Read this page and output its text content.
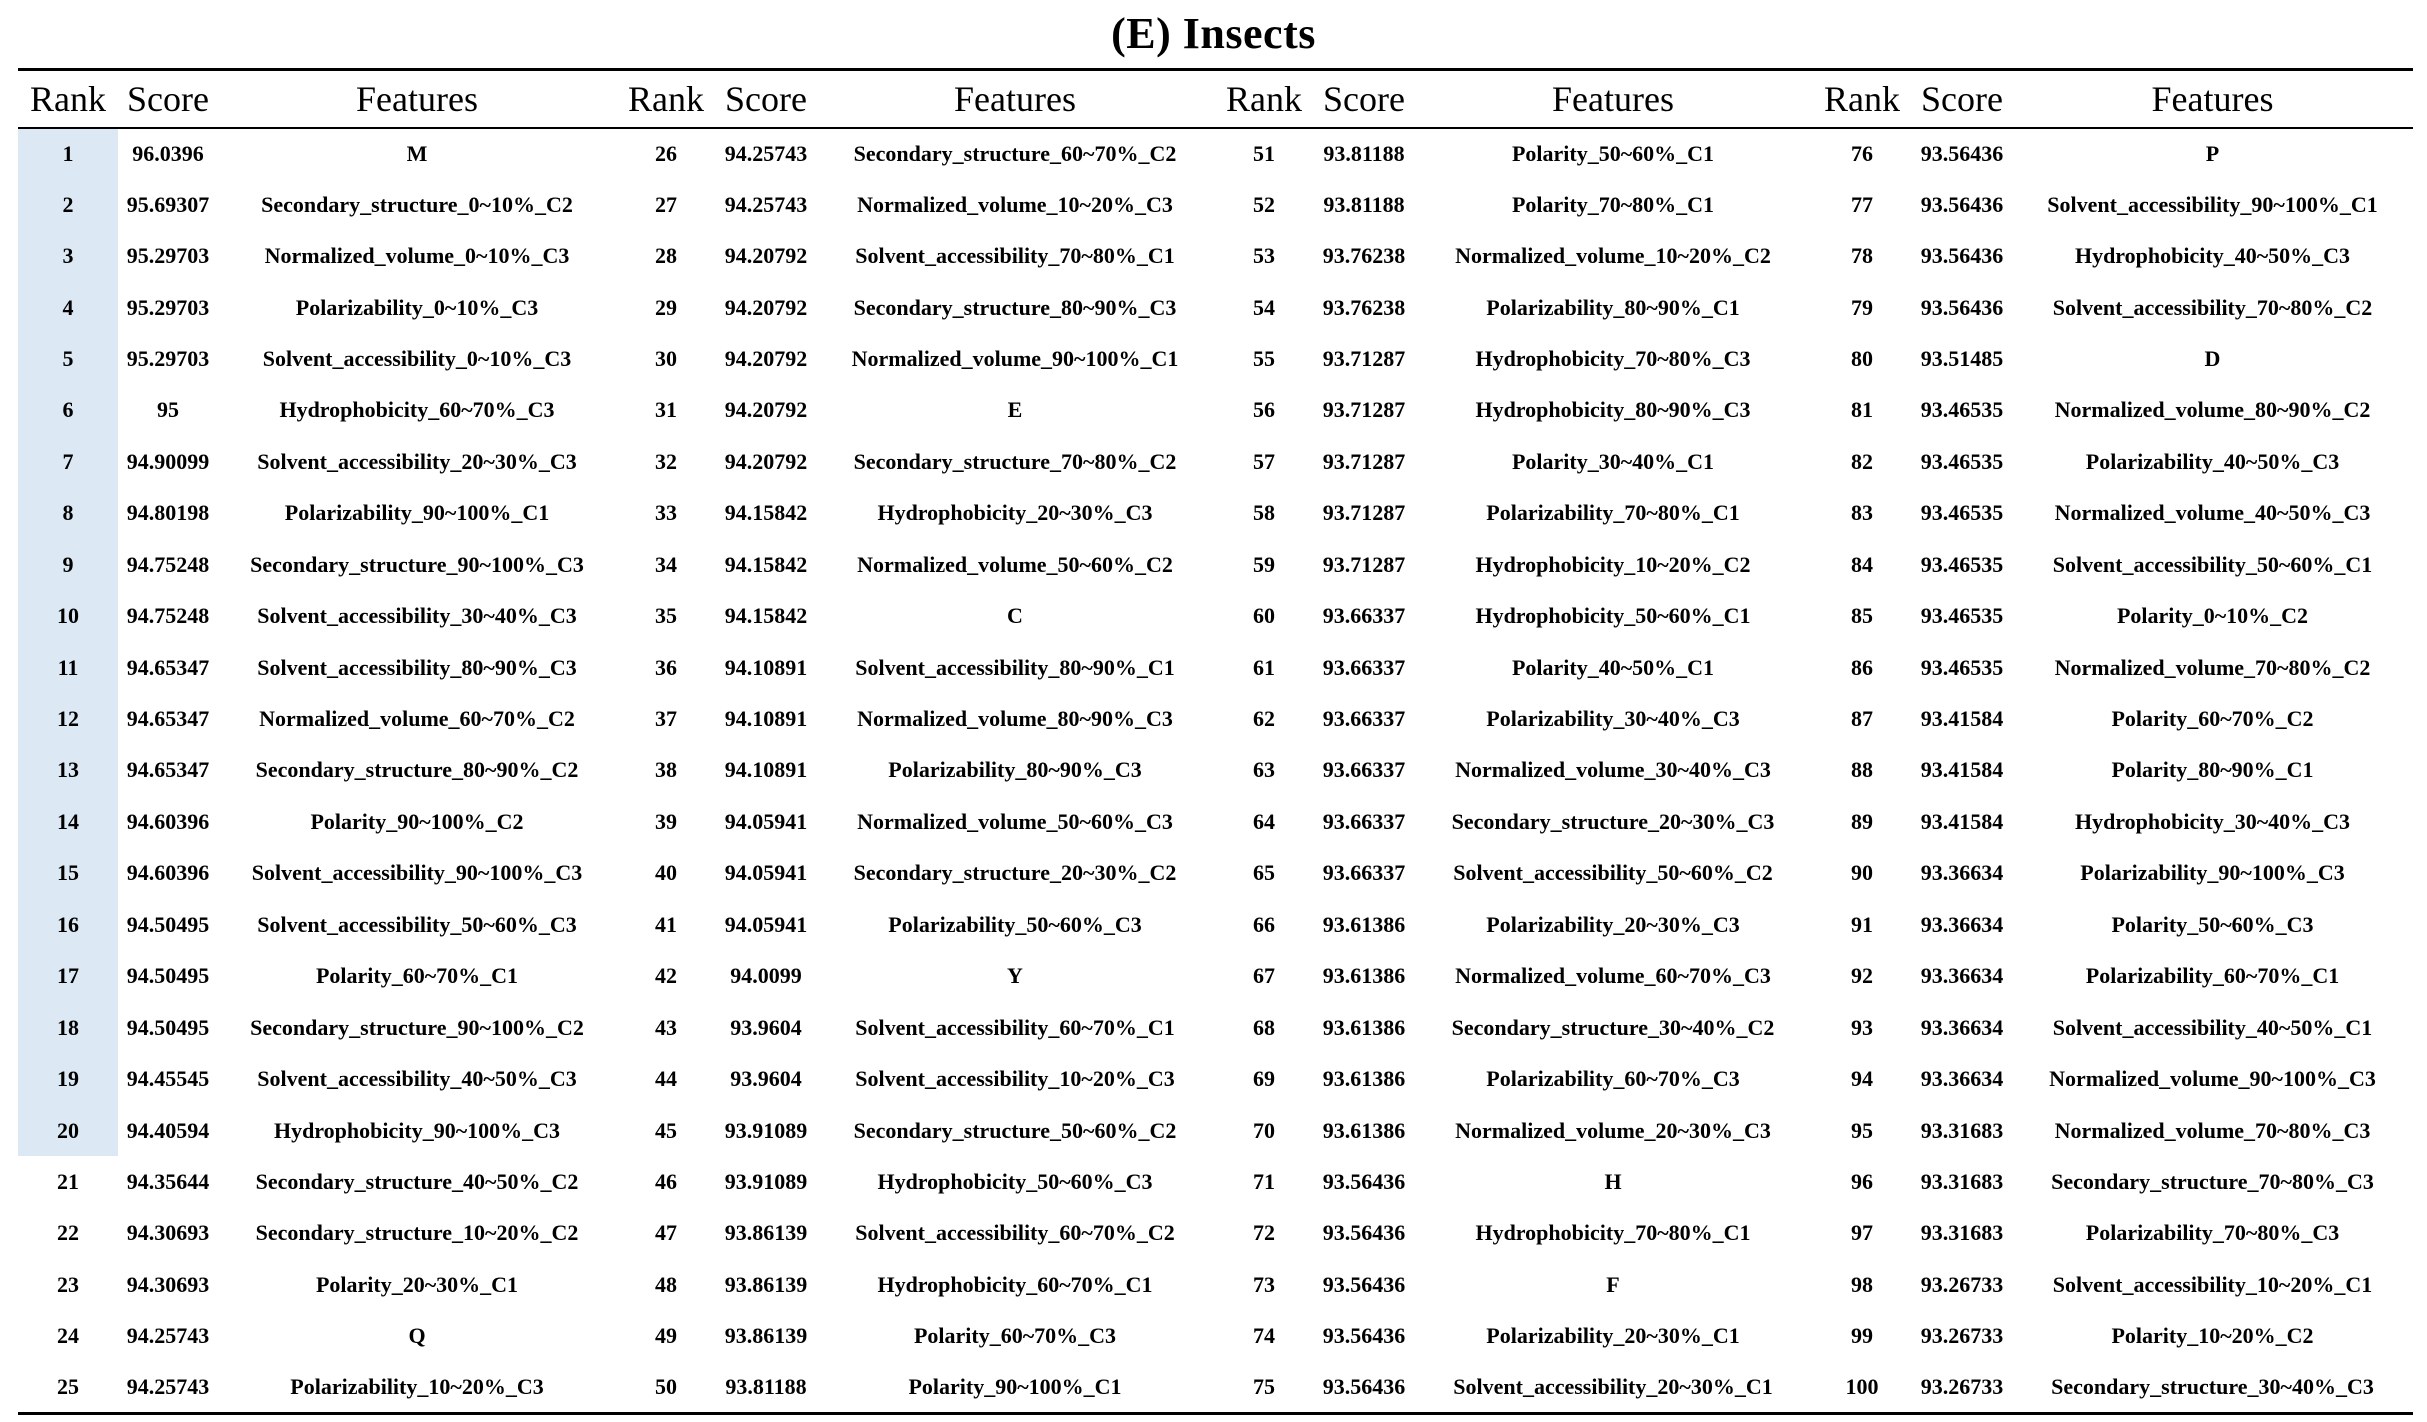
(E) Insects
Rank	Score	Features	Rank	Score	Features	Rank	Score	Features	Rank	Score	Features
1	96.0396	M	26	94.25743	Secondary_structure_60~70%_C2	51	93.81188	Polarity_50~60%_C1	76	93.56436	P
2	95.69307	Secondary_structure_0~10%_C2	27	94.25743	Normalized_volume_10~20%_C3	52	93.81188	Polarity_70~80%_C1	77	93.56436	Solvent_accessibility_90~100%_C1
3	95.29703	Normalized_volume_0~10%_C3	28	94.20792	Solvent_accessibility_70~80%_C1	53	93.76238	Normalized_volume_10~20%_C2	78	93.56436	Hydrophobicity_40~50%_C3
4	95.29703	Polarizability_0~10%_C3	29	94.20792	Secondary_structure_80~90%_C3	54	93.76238	Polarizability_80~90%_C1	79	93.56436	Solvent_accessibility_70~80%_C2
5	95.29703	Solvent_accessibility_0~10%_C3	30	94.20792	Normalized_volume_90~100%_C1	55	93.71287	Hydrophobicity_70~80%_C3	80	93.51485	D
6	95	Hydrophobicity_60~70%_C3	31	94.20792	E	56	93.71287	Hydrophobicity_80~90%_C3	81	93.46535	Normalized_volume_80~90%_C2
7	94.90099	Solvent_accessibility_20~30%_C3	32	94.20792	Secondary_structure_70~80%_C2	57	93.71287	Polarity_30~40%_C1	82	93.46535	Polarizability_40~50%_C3
8	94.80198	Polarizability_90~100%_C1	33	94.15842	Hydrophobicity_20~30%_C3	58	93.71287	Polarizability_70~80%_C1	83	93.46535	Normalized_volume_40~50%_C3
9	94.75248	Secondary_structure_90~100%_C3	34	94.15842	Normalized_volume_50~60%_C2	59	93.71287	Hydrophobicity_10~20%_C2	84	93.46535	Solvent_accessibility_50~60%_C1
10	94.75248	Solvent_accessibility_30~40%_C3	35	94.15842	C	60	93.66337	Hydrophobicity_50~60%_C1	85	93.46535	Polarity_0~10%_C2
11	94.65347	Solvent_accessibility_80~90%_C3	36	94.10891	Solvent_accessibility_80~90%_C1	61	93.66337	Polarity_40~50%_C1	86	93.46535	Normalized_volume_70~80%_C2
12	94.65347	Normalized_volume_60~70%_C2	37	94.10891	Normalized_volume_80~90%_C3	62	93.66337	Polarizability_30~40%_C3	87	93.41584	Polarity_60~70%_C2
13	94.65347	Secondary_structure_80~90%_C2	38	94.10891	Polarizability_80~90%_C3	63	93.66337	Normalized_volume_30~40%_C3	88	93.41584	Polarity_80~90%_C1
14	94.60396	Polarity_90~100%_C2	39	94.05941	Normalized_volume_50~60%_C3	64	93.66337	Secondary_structure_20~30%_C3	89	93.41584	Hydrophobicity_30~40%_C3
15	94.60396	Solvent_accessibility_90~100%_C3	40	94.05941	Secondary_structure_20~30%_C2	65	93.66337	Solvent_accessibility_50~60%_C2	90	93.36634	Polarizability_90~100%_C3
16	94.50495	Solvent_accessibility_50~60%_C3	41	94.05941	Polarizability_50~60%_C3	66	93.61386	Polarizability_20~30%_C3	91	93.36634	Polarity_50~60%_C3
17	94.50495	Polarity_60~70%_C1	42	94.0099	Y	67	93.61386	Normalized_volume_60~70%_C3	92	93.36634	Polarizability_60~70%_C1
18	94.50495	Secondary_structure_90~100%_C2	43	93.9604	Solvent_accessibility_60~70%_C1	68	93.61386	Secondary_structure_30~40%_C2	93	93.36634	Solvent_accessibility_40~50%_C1
19	94.45545	Solvent_accessibility_40~50%_C3	44	93.9604	Solvent_accessibility_10~20%_C3	69	93.61386	Polarizability_60~70%_C3	94	93.36634	Normalized_volume_90~100%_C3
20	94.40594	Hydrophobicity_90~100%_C3	45	93.91089	Secondary_structure_50~60%_C2	70	93.61386	Normalized_volume_20~30%_C3	95	93.31683	Normalized_volume_70~80%_C3
21	94.35644	Secondary_structure_40~50%_C2	46	93.91089	Hydrophobicity_50~60%_C3	71	93.56436	H	96	93.31683	Secondary_structure_70~80%_C3
22	94.30693	Secondary_structure_10~20%_C2	47	93.86139	Solvent_accessibility_60~70%_C2	72	93.56436	Hydrophobicity_70~80%_C1	97	93.31683	Polarizability_70~80%_C3
23	94.30693	Polarity_20~30%_C1	48	93.86139	Hydrophobicity_60~70%_C1	73	93.56436	F	98	93.26733	Solvent_accessibility_10~20%_C1
24	94.25743	Q	49	93.86139	Polarity_60~70%_C3	74	93.56436	Polarizability_20~30%_C1	99	93.26733	Polarity_10~20%_C2
25	94.25743	Polarizability_10~20%_C3	50	93.81188	Polarity_90~100%_C1	75	93.56436	Solvent_accessibility_20~30%_C1	100	93.26733	Secondary_structure_30~40%_C3
